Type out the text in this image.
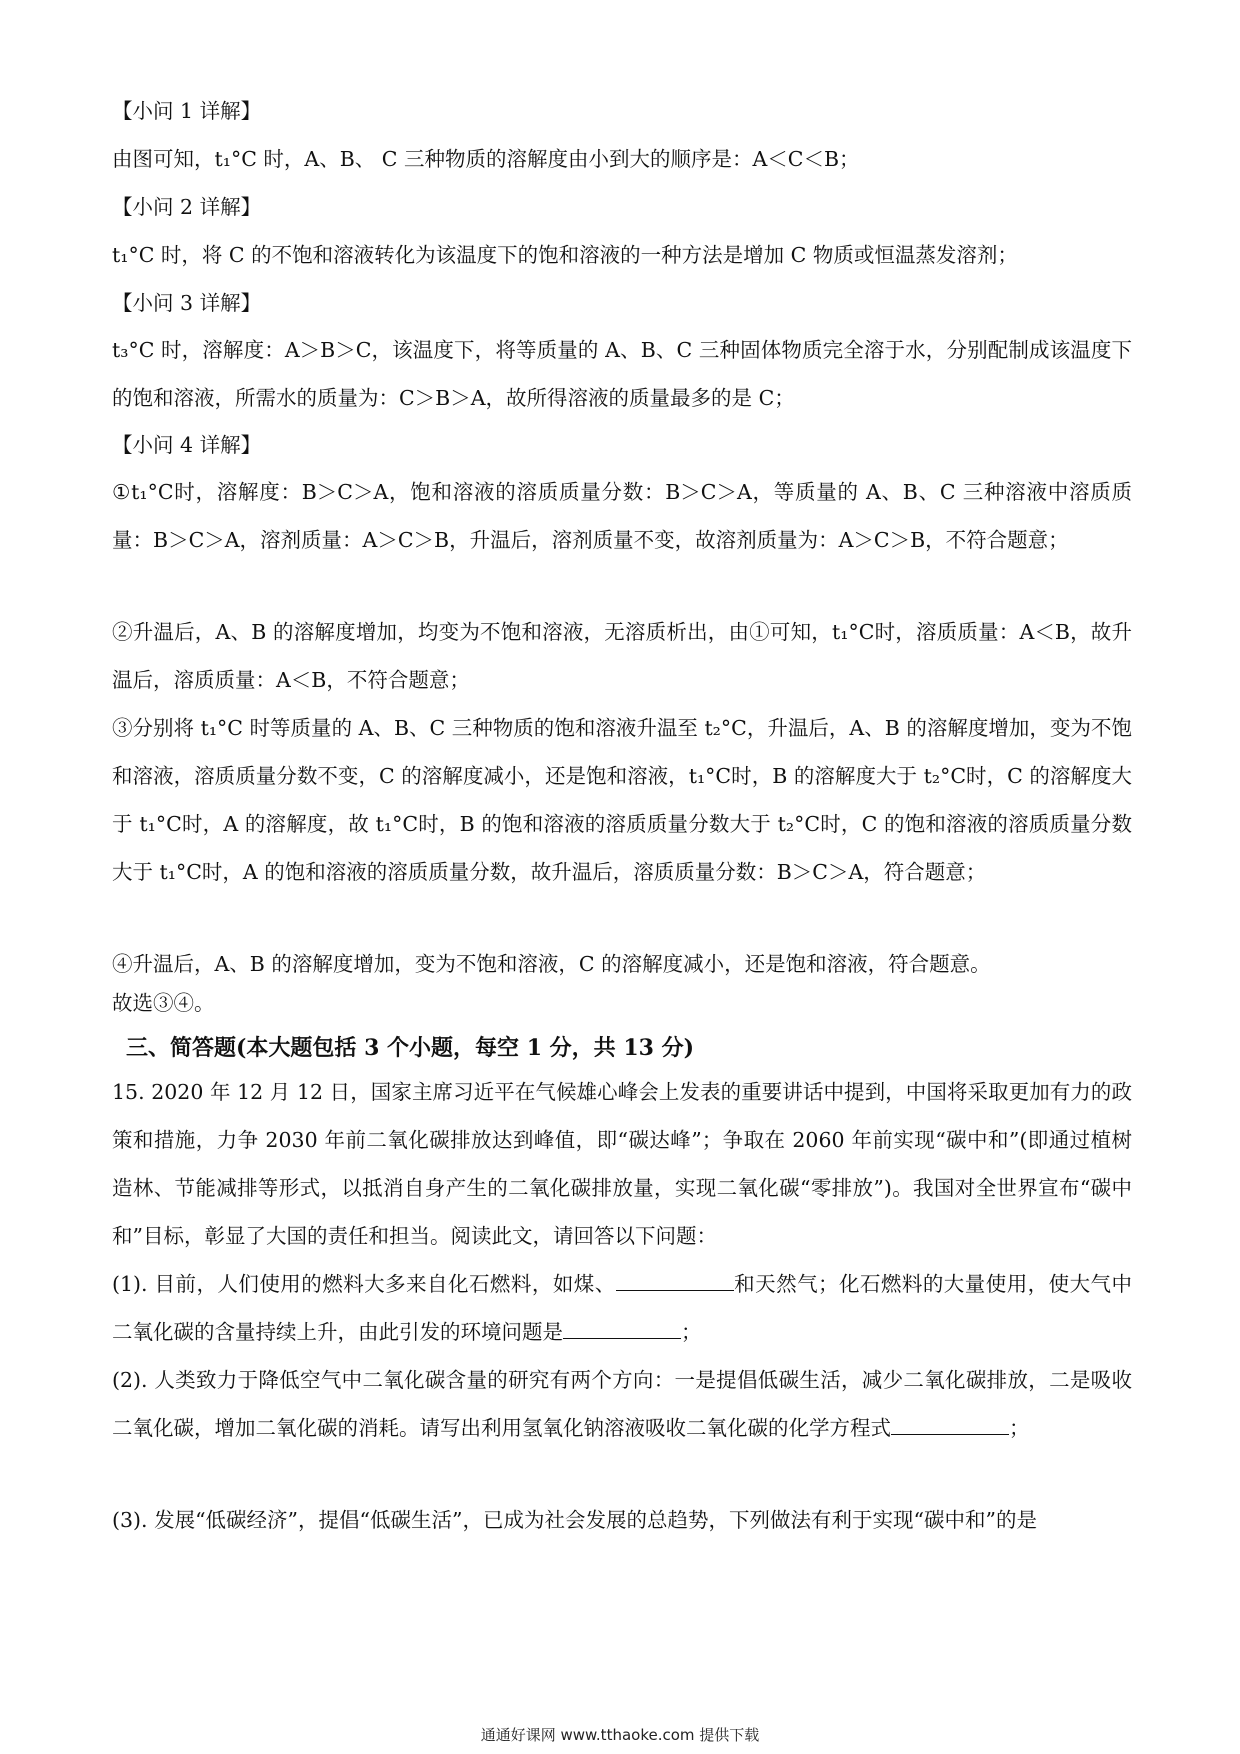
【小问 1 详解】

由图可知，t₁°C 时，A、B、 C 三种物质的溶解度由小到大的顺序是：A＜C＜B；

【小问 2 详解】

t₁°C 时，将 C 的不饱和溶液转化为该温度下的饱和溶液的一种方法是增加 C 物质或恒温蒸发溶剂；

【小问 3 详解】

t₃°C 时，溶解度：A＞B＞C，该温度下，将等质量的 A、B、C 三种固体物质完全溶于水，分别配制成该温度下的饱和溶液，所需水的质量为：C＞B＞A，故所得溶液的质量最多的是 C；

【小问 4 详解】

①t₁°C时，溶解度：B＞C＞A，饱和溶液的溶质质量分数：B＞C＞A，等质量的 A、B、C 三种溶液中溶质质量：B＞C＞A，溶剂质量：A＞C＞B，升温后，溶剂质量不变，故溶剂质量为：A＞C＞B，不符合题意；

②升温后，A、B 的溶解度增加，均变为不饱和溶液，无溶质析出，由①可知，t₁°C时，溶质质量：A＜B，故升温后，溶质质量：A＜B，不符合题意；

③分别将 t₁°C 时等质量的 A、B、C 三种物质的饱和溶液升温至 t₂°C，升温后，A、B 的溶解度增加，变为不饱和溶液，溶质质量分数不变，C 的溶解度减小，还是饱和溶液，t₁°C时，B 的溶解度大于 t₂°C时，C 的溶解度大于 t₁°C时，A 的溶解度，故 t₁°C时，B 的饱和溶液的溶质质量分数大于 t₂°C时，C 的饱和溶液的溶质质量分数大于 t₁°C时，A 的饱和溶液的溶质质量分数，故升温后，溶质质量分数：B＞C＞A，符合题意；

④升温后，A、B 的溶解度增加，变为不饱和溶液，C 的溶解度减小，还是饱和溶液，符合题意。

故选③④。

三、简答题(本大题包括 3 个小题，每空 1 分，共 13 分)

15. 2020 年 12 月 12 日，国家主席习近平在气候雄心峰会上发表的重要讲话中提到，中国将采取更加有力的政策和措施，力争 2030 年前二氧化碳排放达到峰值，即“碳达峰”；争取在 2060 年前实现“碳中和”(即通过植树造林、节能减排等形式，以抵消自身产生的二氧化碳排放量，实现二氧化碳“零排放”)。我国对全世界宣布“碳中和”目标，彰显了大国的责任和担当。阅读此文，请回答以下问题：

(1). 目前，人们使用的燃料大多来自化石燃料，如煤、	和天然气；化石燃料的大量使用，使大气中二氧化碳的含量持续上升，由此引发的环境问题是	；

(2). 人类致力于降低空气中二氧化碳含量的研究有两个方向：一是提倡低碳生活，减少二氧化碳排放，二是吸收二氧化碳，增加二氧化碳的消耗。请写出利用氢氧化钠溶液吸收二氧化碳的化学方程式	；

(3). 发展“低碳经济”，提倡“低碳生活”，已成为社会发展的总趋势，下列做法有利于实现“碳中和”的是

通通好课网 www.tthaoke.com 提供下载
